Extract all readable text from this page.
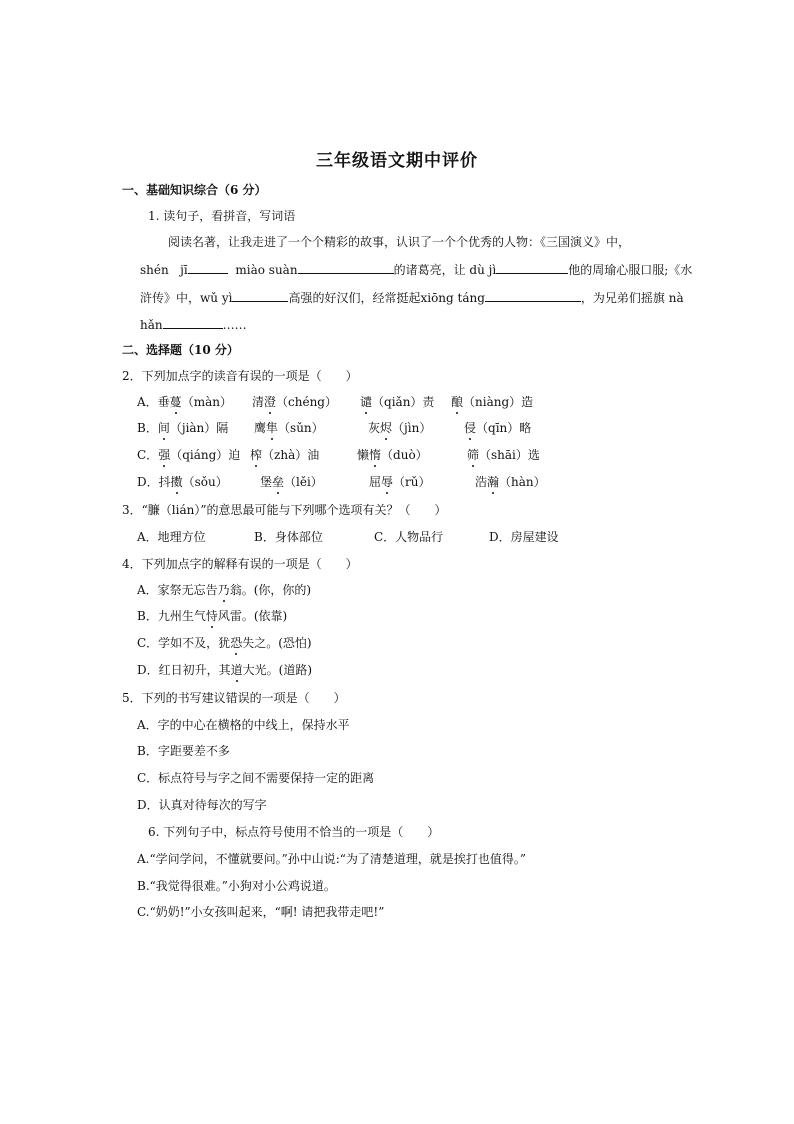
三年级语文期中评价
一、基础知识综合（6 分）
1. 读句子，看拼音，写词语
阅读名著，让我走进了一个个精彩的故事，认识了一个个优秀的人物：《三国演义》中，
shén jī	miào suàn	的诸葛亮，让 dù jì	他的周瑜心服口服;《水
浒传》中，wǔ yì	高强的好汉们，经常挺起xiōng táng	，为兄弟们摇旗 nà
hǎn	……
二、选择题（10 分）
2．下列加点字的读音有误的一项是（　　）
A．垂蔓（màn） 清澄（chéng） 谴（qiǎn）责 酿（niàng）造
B．间（jiàn）隔 鹰隼（sǔn）	灰烬（jìn）	侵（qīn）略
C．强（qiáng）迫 榨（zhà）油	懒惰（duò）	筛（shāi）选
D．抖擞（sǒu）	堡垒（lěi）	屈辱（rǔ）	浩瀚（hàn）
3．“臁（lián）”的意思最可能与下列哪个选项有关？（　　）
A．地理方位	B．身体部位	C．人物品行	D．房屋建设
4．下列加点字的解释有误的一项是（　　）
A．家祭无忘告乃翁。(你，你的)
B．九州生气恃风雷。(依靠)
C．学如不及，犹恐失之。(恐怕)
D．红日初升，其道大光。(道路)
5．下列的书写建议错误的一项是（　　）
A．字的中心在横格的中线上，保持水平
B．字距要差不多
C．标点符号与字之间不需要保持一定的距离
D．认真对待每次的写字
6. 下列句子中，标点符号使用不恰当的一项是（　　）
A.“学问学问，不懂就要问。”孙中山说:“为了清楚道理，就是挨打也值得。”
B.“我觉得很难。”小狗对小公鸡说道。
C.“奶奶!”小女孩叫起来，“啊! 请把我带走吧!”
